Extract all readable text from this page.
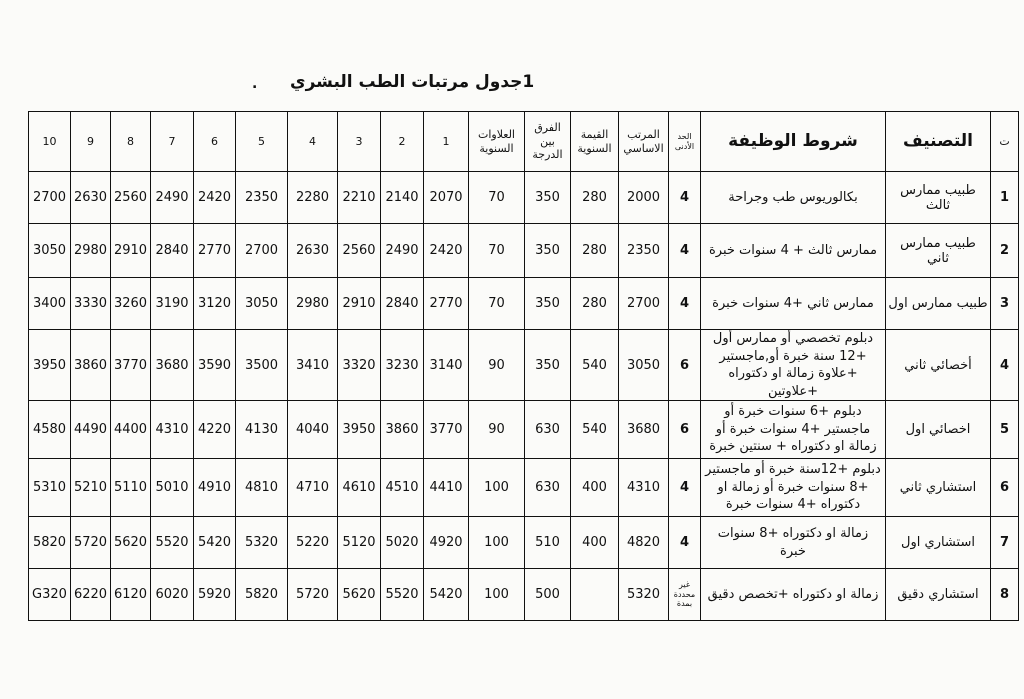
1جدول مرتبات الطب البشري
.
ت	التصنيف	شروط الوظيفة	الحد الأدنى	المرتب الاساسي	القيمة السنوية	الفرق بين الدرجة	العلاوات السنوية	1	2	3	4	5	6	7	8	9	10
1	طبيب ممارس ثالث	بكالوريوس طب وجراحة	4	2000	280	350	70	2070	2140	2210	2280	2350	2420	2490	2560	2630	2700
2	طبيب ممارس ثاني	ممارس ثالث + 4 سنوات خبرة	4	2350	280	350	70	2420	2490	2560	2630	2700	2770	2840	2910	2980	3050
3	طبيب ممارس اول	ممارس ثاني +4 سنوات خبرة	4	2700	280	350	70	2770	2840	2910	2980	3050	3120	3190	3260	3330	3400
4	أخصائي ثاني	دبلوم تخصصي أو ممارس أول +12 سنة خبرة أو,ماجستير +علاوة زمالة او دكتوراه +علاوتين	6	3050	540	350	90	3140	3230	3320	3410	3500	3590	3680	3770	3860	3950
5	اخصائي اول	دبلوم +6 سنوات خبرة أو ماجستير +4 سنوات خبرة أو زمالة او دكتوراه + سنتين خبرة	6	3680	540	630	90	3770	3860	3950	4040	4130	4220	4310	4400	4490	4580
6	استشاري ثاني	دبلوم +12سنة خبرة أو ماجستير +8 سنوات خبرة أو زمالة او دكتوراه +4 سنوات خبرة	4	4310	400	630	100	4410	4510	4610	4710	4810	4910	5010	5110	5210	5310
7	استشاري اول	زمالة او دكتوراه +8 سنوات خبرة	4	4820	400	510	100	4920	5020	5120	5220	5320	5420	5520	5620	5720	5820
8	استشاري دقيق	زمالة او دكتوراه +تخصص دقيق	غير محددة بمدة	5320		500	100	5420	5520	5620	5720	5820	5920	6020	6120	6220	G320
